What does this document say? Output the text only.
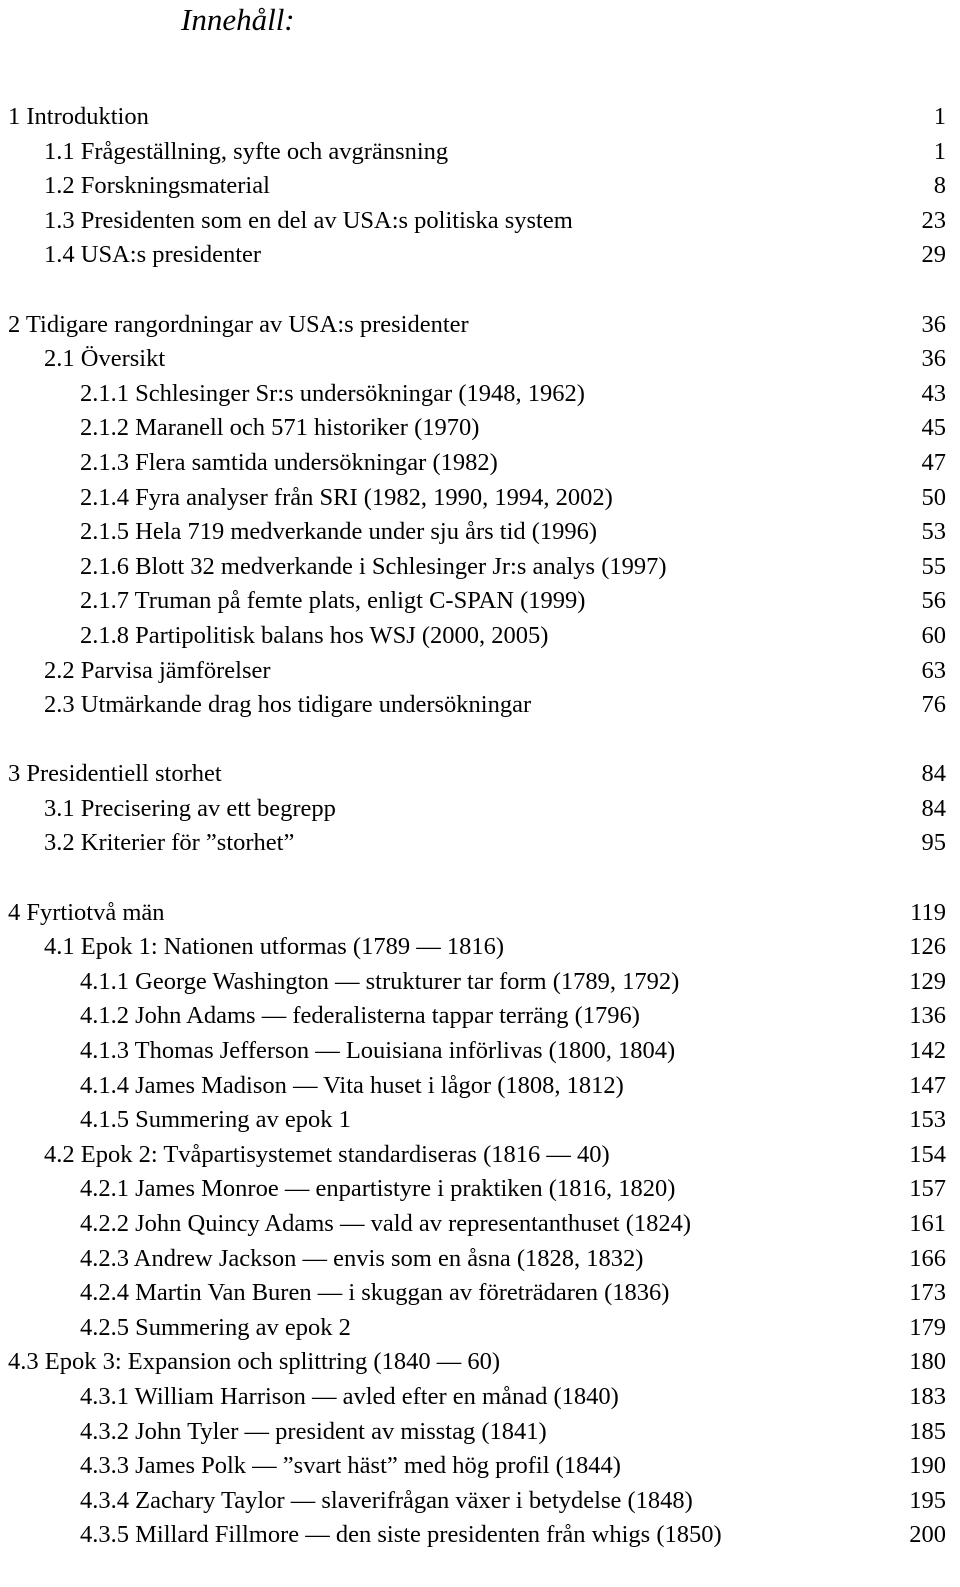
Innehåll:
1 Introduktion	1
1.1 Frågeställning, syfte och avgränsning	1
1.2 Forskningsmaterial	8
1.3 Presidenten som en del av USA:s politiska system	23
1.4 USA:s presidenter	29
2 Tidigare rangordningar av USA:s presidenter	36
2.1 Översikt	36
2.1.1 Schlesinger Sr:s undersökningar (1948, 1962)	43
2.1.2 Maranell och 571 historiker (1970)	45
2.1.3 Flera samtida undersökningar (1982)	47
2.1.4 Fyra analyser från SRI (1982, 1990, 1994, 2002)	50
2.1.5 Hela 719 medverkande under sju års tid (1996)	53
2.1.6 Blott 32 medverkande i Schlesinger Jr:s analys (1997)	55
2.1.7 Truman på femte plats, enligt C-SPAN (1999)	56
2.1.8 Partipolitisk balans hos WSJ (2000, 2005)	60
2.2 Parvisa jämförelser	63
2.3 Utmärkande drag hos tidigare undersökningar	76
3 Presidentiell storhet	84
3.1 Precisering av ett begrepp	84
3.2 Kriterier för ”storhet”	95
4 Fyrtiotvå män	119
4.1 Epok 1: Nationen utformas (1789 — 1816)	126
4.1.1 George Washington — strukturer tar form (1789, 1792)	129
4.1.2 John Adams — federalisterna tappar terräng (1796)	136
4.1.3 Thomas Jefferson — Louisiana införlivas (1800, 1804)	142
4.1.4 James Madison — Vita huset i lågor (1808, 1812)	147
4.1.5 Summering av epok 1	153
4.2 Epok 2: Tvåpartisystemet standardiseras (1816 — 40)	154
4.2.1 James Monroe — enpartistyre i praktiken (1816, 1820)	157
4.2.2 John Quincy Adams — vald av representanthuset (1824)	161
4.2.3 Andrew Jackson — envis som en åsna (1828, 1832)	166
4.2.4 Martin Van Buren — i skuggan av företrädaren (1836)	173
4.2.5 Summering av epok 2	179
4.3 Epok 3: Expansion och splittring (1840 — 60)	180
4.3.1 William Harrison — avled efter en månad (1840)	183
4.3.2 John Tyler — president av misstag (1841)	185
4.3.3 James Polk — ”svart häst” med hög profil (1844)	190
4.3.4 Zachary Taylor — slaverifrågan växer i betydelse (1848)	195
4.3.5 Millard Fillmore — den siste presidenten från whigs (1850)	200
